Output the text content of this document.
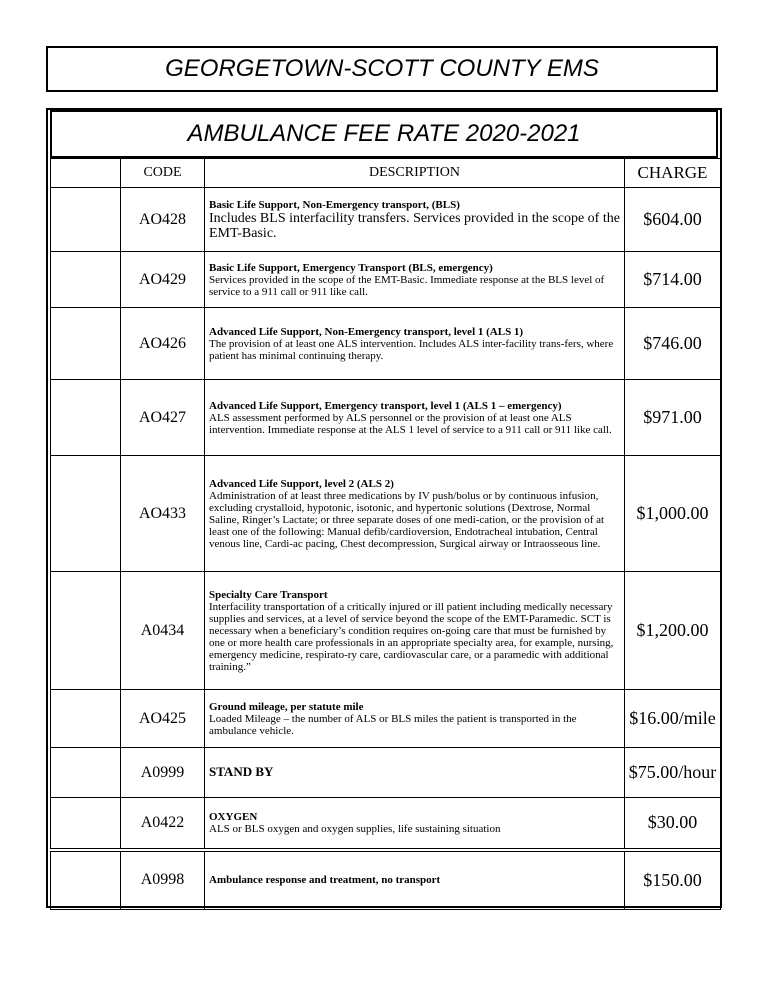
GEORGETOWN-SCOTT COUNTY EMS
AMBULANCE FEE RATE 2020-2021
	CODE	DESCRIPTION	CHARGE
	AO428	Basic Life Support, Non-Emergency transport, (BLS)
Includes BLS interfacility transfers. Services provided in the scope of the EMT-Basic.	$604.00
	AO429	Basic Life Support, Emergency Transport (BLS, emergency)
Services provided in the scope of the EMT-Basic. Immediate response at the BLS level of service to a 911 call or 911 like call.	$714.00
	AO426	Advanced Life Support, Non-Emergency transport, level 1 (ALS 1)
The provision of at least one ALS intervention. Includes ALS inter-facility trans-fers, where patient has minimal continuing therapy.	$746.00
	AO427	Advanced Life Support, Emergency transport, level 1 (ALS 1 – emergency)
ALS assessment performed by ALS personnel or the provision of at least one ALS intervention. Immediate response at the ALS 1 level of service to a 911 call or 911 like call.	$971.00
	AO433	Advanced Life Support, level 2 (ALS 2)
Administration of at least three medications by IV push/bolus or by continuous infusion, excluding crystalloid, hypotonic, isotonic, and hypertonic solutions (Dextrose, Normal Saline, Ringer’s Lactate; or three separate doses of one medi-cation, or the provision of at least one of the following: Manual defib/cardioversion, Endotracheal intubation, Central venous line, Cardi-ac pacing, Chest decompression, Surgical airway or Intraosseous line.	$1,000.00
	A0434	Specialty Care Transport
Interfacility transportation of a critically injured or ill patient including medically necessary supplies and services, at a level of service beyond the scope of the EMT-Paramedic. SCT is necessary when a beneficiary’s condition requires on-going care that must be furnished by one or more health care professionals in an appropriate specialty area, for example, nursing, emergency medicine, respirato-ry care, cardiovascular care, or a paramedic with additional training.”	$1,200.00
	AO425	Ground mileage, per statute mile
Loaded Mileage – the number of ALS or BLS miles the patient is transported in the ambulance vehicle.	$16.00/mile
	A0999	STAND BY	$75.00/hour
	A0422	OXYGEN
ALS or BLS oxygen and oxygen supplies, life sustaining situation	$30.00
	A0998	Ambulance response and treatment, no transport	$150.00
